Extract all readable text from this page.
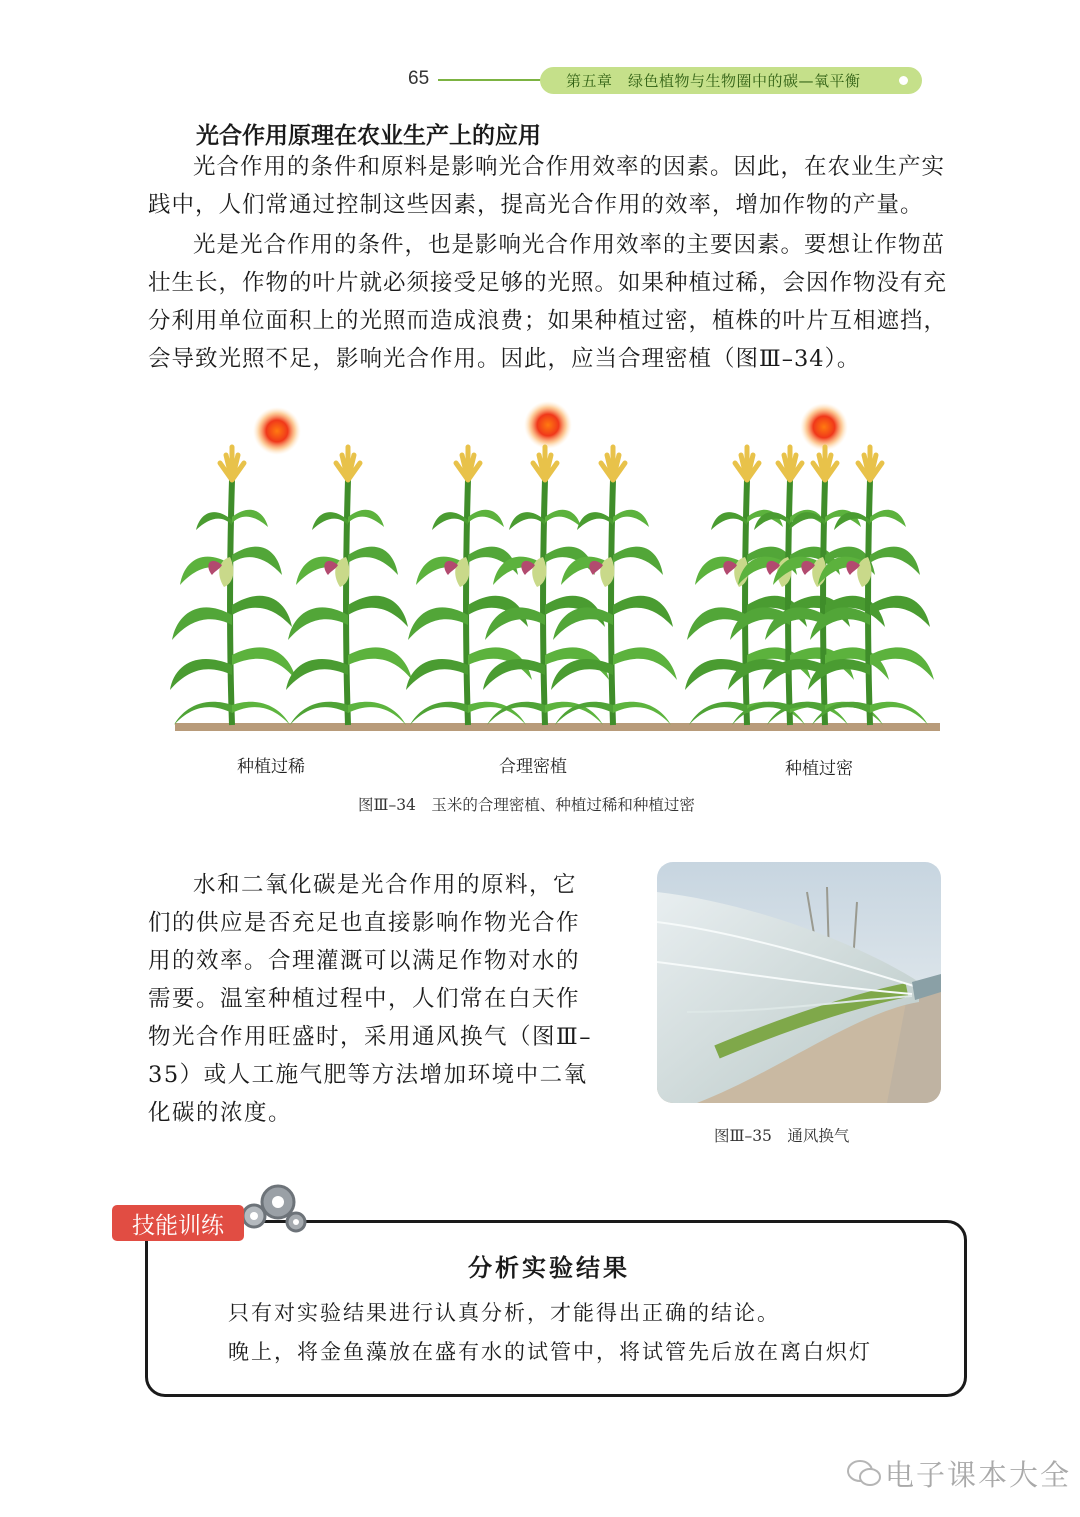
65	第五章　绿色植物与生物圈中的碳—氧平衡
光合作用原理在农业生产上的应用

光合作用的条件和原料是影响光合作用效率的因素。因此，在农业生产实践中，人们常通过控制这些因素，提高光合作用的效率，增加作物的产量。

光是光合作用的条件，也是影响光合作用效率的主要因素。要想让作物茁壮生长，作物的叶片就必须接受足够的光照。如果种植过稀，会因作物没有充分利用单位面积上的光照而造成浪费；如果种植过密，植株的叶片互相遮挡，会导致光照不足，影响光合作用。因此，应当合理密植（图Ⅲ–34）。

种植过稀	合理密植	种植过密
图Ⅲ–34　玉米的合理密植、种植过稀和种植过密

水和二氧化碳是光合作用的原料，它们的供应是否充足也直接影响作物光合作用的效率。合理灌溉可以满足作物对水的需要。温室种植过程中，人们常在白天作物光合作用旺盛时，采用通风换气（图Ⅲ–35）或人工施气肥等方法增加环境中二氧化碳的浓度。

图Ⅲ–35　通风换气
技能训练
分析实验结果
只有对实验结果进行认真分析，才能得出正确的结论。
晚上，将金鱼藻放在盛有水的试管中，将试管先后放在离白炽灯
电子课本大全
